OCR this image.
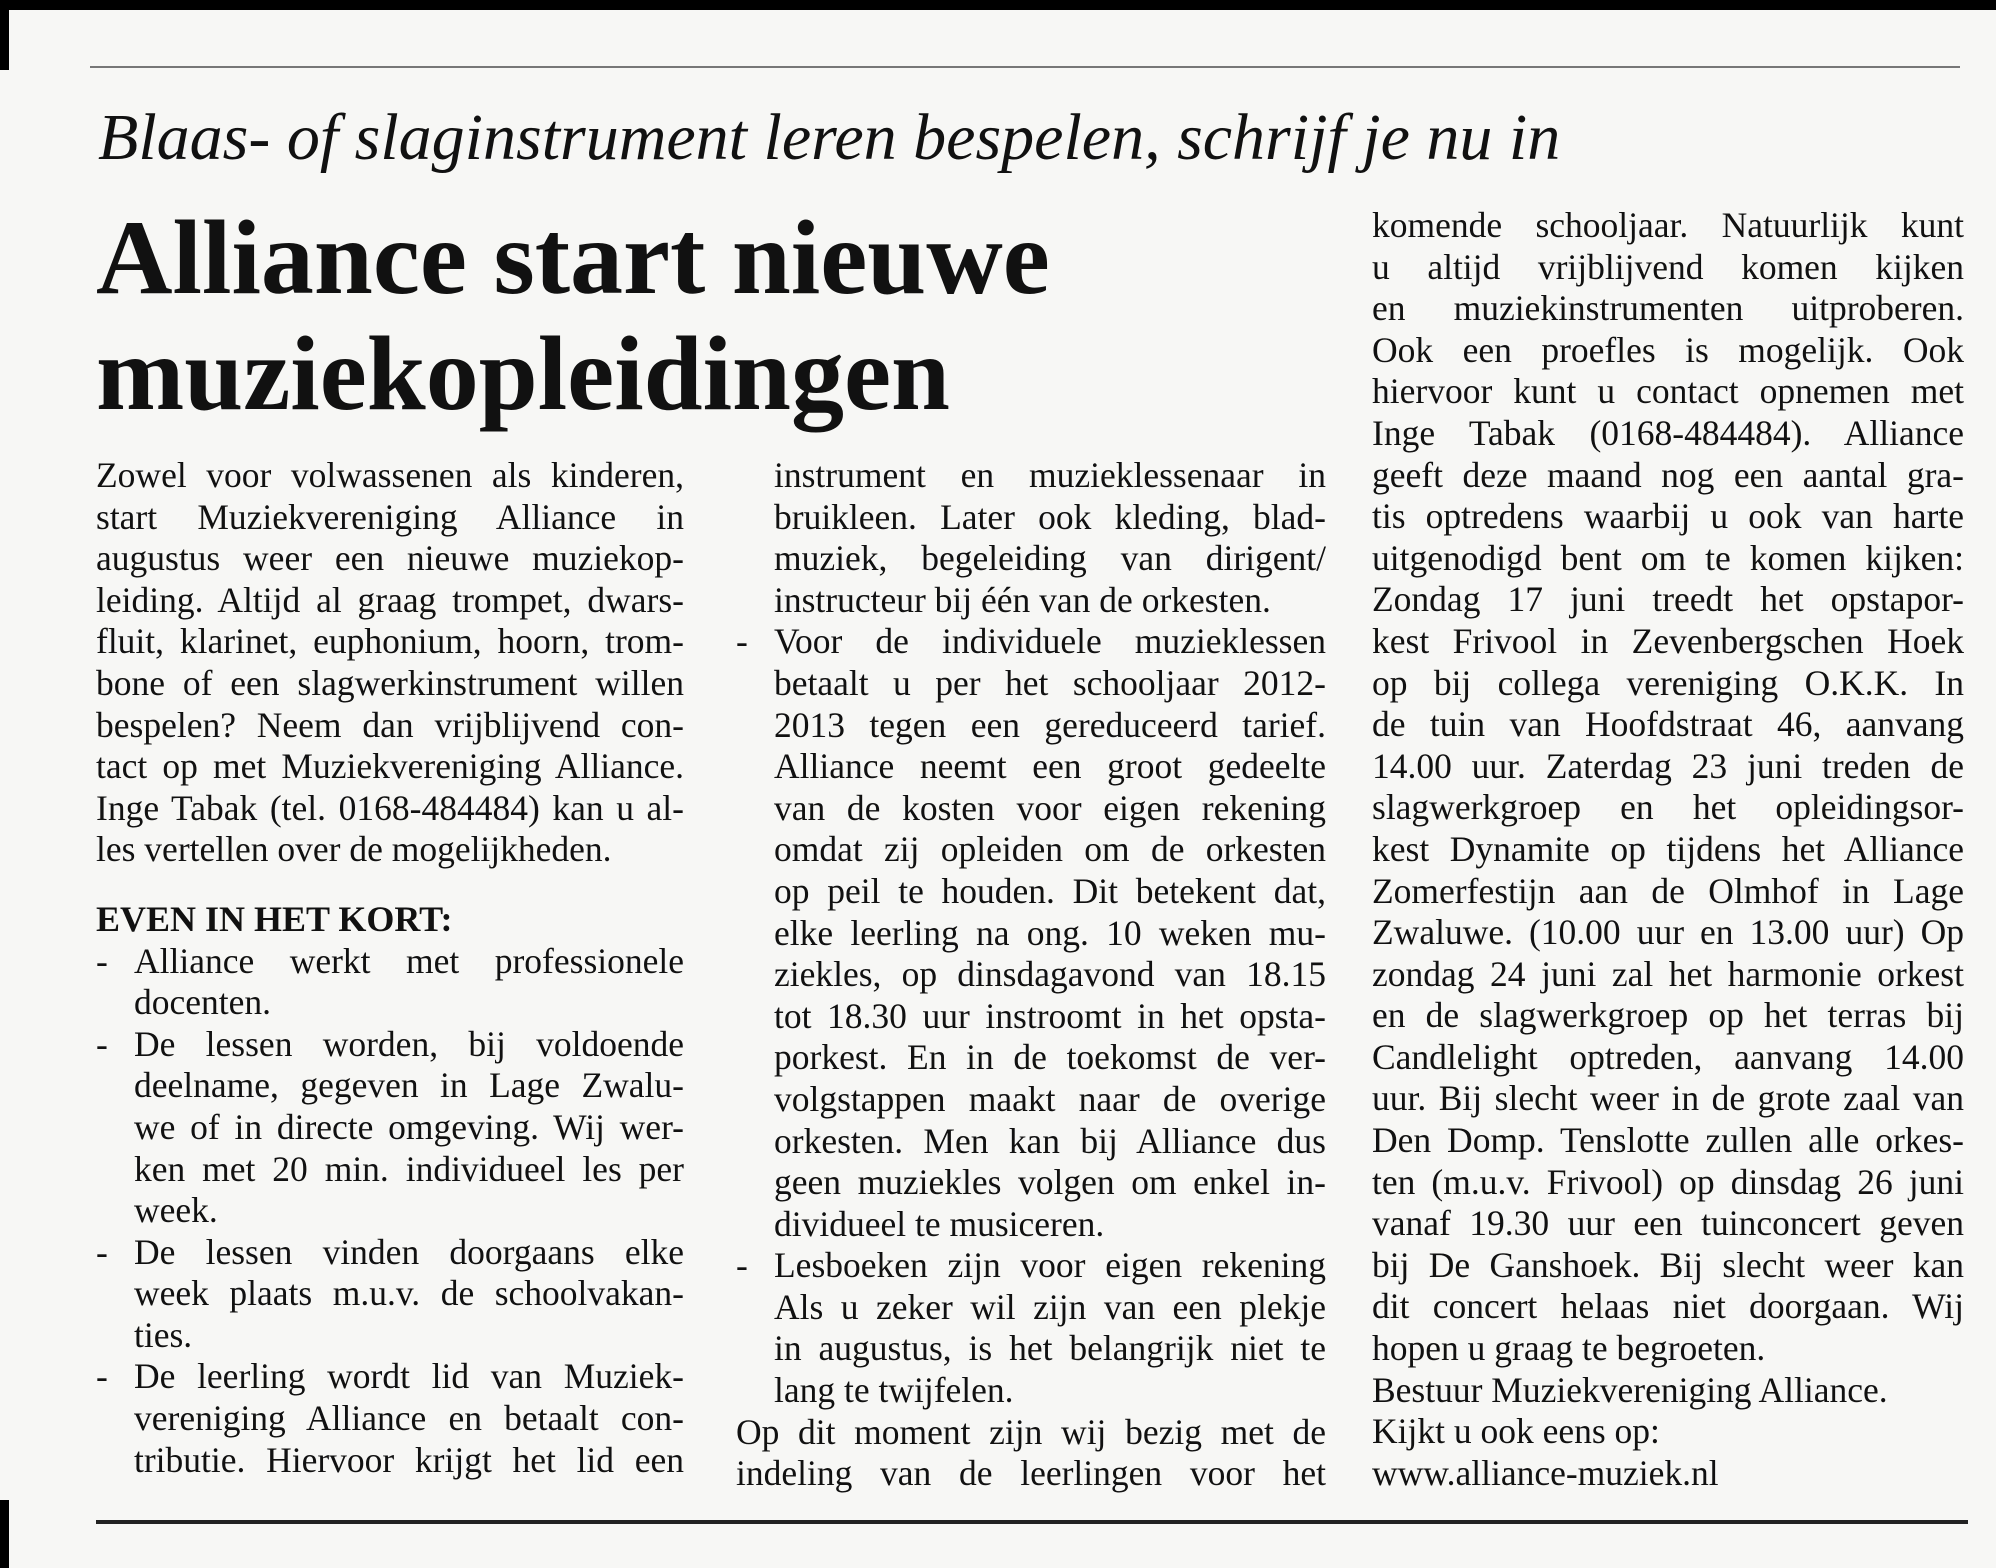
Blaas- of slaginstrument leren bespelen, schrijf je nu in
Alliance start nieuwe
muziekopleidingen
Zowel voor volwassenen als kinderen,
start Muziekvereniging Alliance in
augustus weer een nieuwe muziekop-
leiding. Altijd al graag trompet, dwars-
fluit, klarinet, euphonium, hoorn, trom-
bone of een slagwerkinstrument willen
bespelen? Neem dan vrijblijvend con-
tact op met Muziekvereniging Alliance.
Inge Tabak (tel. 0168-484484) kan u al-
les vertellen over de mogelijkheden.
EVEN IN HET KORT:
- Alliance werkt met professionele
docenten.
- De lessen worden, bij voldoende
deelname, gegeven in Lage Zwalu-
we of in directe omgeving. Wij wer-
ken met 20 min. individueel les per
week.
- De lessen vinden doorgaans elke
week plaats m.u.v. de schoolvakan-
ties.
- De leerling wordt lid van Muziek-
vereniging Alliance en betaalt con-
tributie. Hiervoor krijgt het lid een
instrument en muzieklessenaar in
bruikleen. Later ook kleding, blad-
muziek, begeleiding van dirigent/
instructeur bij één van de orkesten.
- Voor de individuele muzieklessen
betaalt u per het schooljaar 2012-
2013 tegen een gereduceerd tarief.
Alliance neemt een groot gedeelte
van de kosten voor eigen rekening
omdat zij opleiden om de orkesten
op peil te houden. Dit betekent dat,
elke leerling na ong. 10 weken mu-
ziekles, op dinsdagavond van 18.15
tot 18.30 uur instroomt in het opsta-
porkest. En in de toekomst de ver-
volgstappen maakt naar de overige
orkesten. Men kan bij Alliance dus
geen muziekles volgen om enkel in-
dividueel te musiceren.
- Lesboeken zijn voor eigen rekening
Als u zeker wil zijn van een plekje
in augustus, is het belangrijk niet te
lang te twijfelen.
Op dit moment zijn wij bezig met de
indeling van de leerlingen voor het
komende schooljaar. Natuurlijk kunt
u altijd vrijblijvend komen kijken
en muziekinstrumenten uitproberen.
Ook een proefles is mogelijk. Ook
hiervoor kunt u contact opnemen met
Inge Tabak (0168-484484). Alliance
geeft deze maand nog een aantal gra-
tis optredens waarbij u ook van harte
uitgenodigd bent om te komen kijken:
Zondag 17 juni treedt het opstapor-
kest Frivool in Zevenbergschen Hoek
op bij collega vereniging O.K.K. In
de tuin van Hoofdstraat 46, aanvang
14.00 uur. Zaterdag 23 juni treden de
slagwerkgroep en het opleidingsor-
kest Dynamite op tijdens het Alliance
Zomerfestijn aan de Olmhof in Lage
Zwaluwe. (10.00 uur en 13.00 uur) Op
zondag 24 juni zal het harmonie orkest
en de slagwerkgroep op het terras bij
Candlelight optreden, aanvang 14.00
uur. Bij slecht weer in de grote zaal van
Den Domp. Tenslotte zullen alle orkes-
ten (m.u.v. Frivool) op dinsdag 26 juni
vanaf 19.30 uur een tuinconcert geven
bij De Ganshoek. Bij slecht weer kan
dit concert helaas niet doorgaan. Wij
hopen u graag te begroeten.
Bestuur Muziekvereniging Alliance.
Kijkt u ook eens op:
www.alliance-muziek.nl
